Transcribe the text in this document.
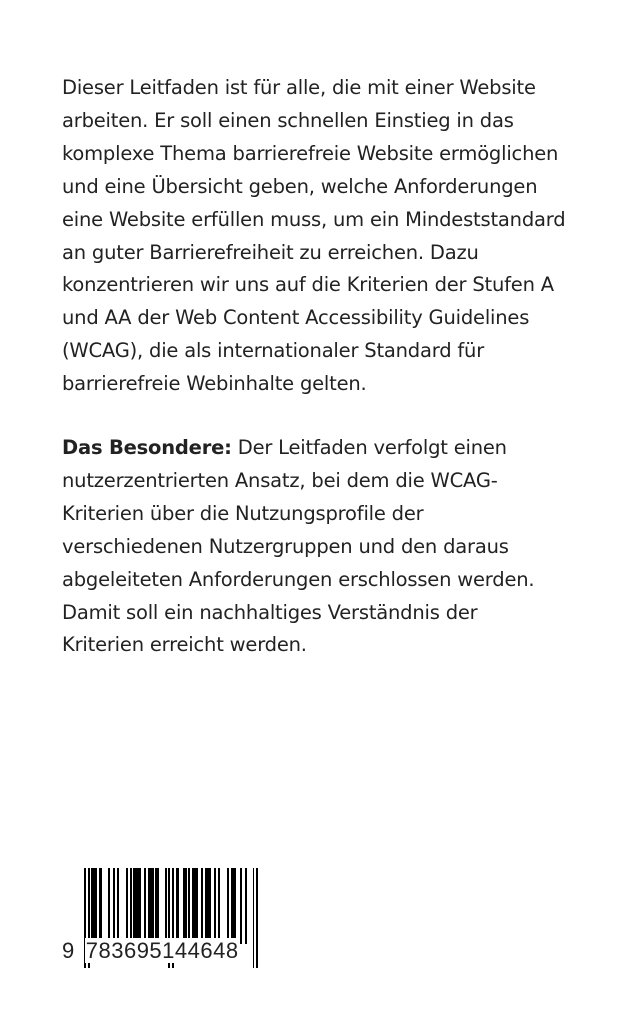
Dieser Leitfaden ist für alle, die mit einer Website
arbeiten. Er soll einen schnellen Einstieg in das
komplexe Thema barrierefreie Website ermöglichen
und eine Übersicht geben, welche Anforderungen
eine Website erfüllen muss, um ein Mindeststandard
an guter Barrierefreiheit zu erreichen. Dazu
konzentrieren wir uns auf die Kriterien der Stufen A
und AA der Web Content Accessibility Guidelines
(WCAG), die als internationaler Standard für
barrierefreie Webinhalte gelten.
Das Besondere: Der Leitfaden verfolgt einen
nutzerzentrierten Ansatz, bei dem die WCAG-
Kriterien über die Nutzungsprofile der
verschiedenen Nutzergruppen und den daraus
abgeleiteten Anforderungen erschlossen werden.
Damit soll ein nachhaltiges Verständnis der
Kriterien erreicht werden.
9 783695144648
